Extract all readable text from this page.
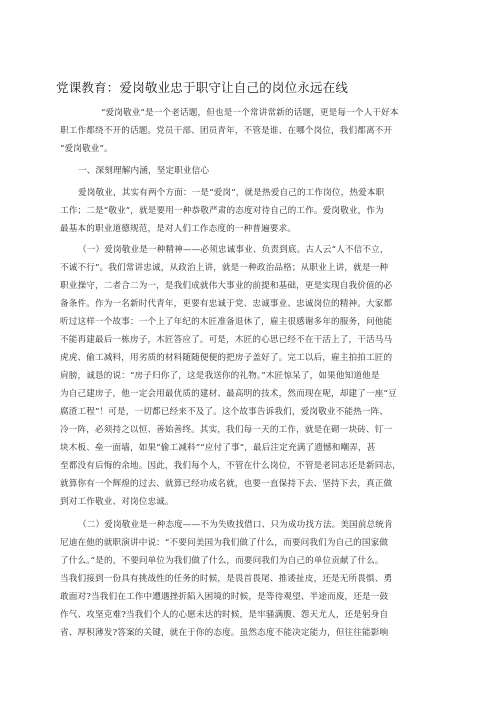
党课教育：爱岗敬业忠于职守让自己的岗位永远在线
“爱岗敬业”是一个老话题，但也是一个常讲常新的话题，更是每一个人干好本
职工作都绕不开的话题。党员干部、团员青年，不管是谁、在哪个岗位，我们都离不开
“爱岗敬业”。
一、深刻理解内涵，坚定职业信心
爱岗敬业，其实有两个方面：一是“爱岗”，就是热爱自己的工作岗位，热爱本职
工作；二是“敬业”，就是要用一种恭敬严肃的态度对待自己的工作。爱岗敬业，作为
最基本的职业道德规范，是对人们工作态度的一种普遍要求。
（一）爱岗敬业是一种精神——必须忠诚事业、负责到底。古人云“人不信不立，
不诚不行”。我们常讲忠诚，从政治上讲，就是一种政治品格；从职业上讲，就是一种
职业操守，二者合二为一，是我们成就伟大事业的前提和基础，更是实现自我价值的必
备条件。作为一名新时代青年，更要有忠诚于党、忠诚事业、忠诚岗位的精神。大家都
听过这样一个故事：一个上了年纪的木匠准备退休了，雇主很感谢多年的服务，问他能
不能再建最后一栋房子，木匠答应了。可是，木匠的心思已经不在干活上了，干活马马
虎虎、偷工减料，用劣质的材料随随便便的把房子盖好了。完工以后，雇主拍拍工匠的
肩膀，诚恳的说：“房子归你了，这是我送你的礼物。”木匠惊呆了，如果他知道他是
为自己建房子，他一定会用最优质的建材、最高明的技术，然而现在呢，却建了一座“豆
腐渣工程”！可是，一切都已经来不及了。这个故事告诉我们，爱岗敬业不能热一阵、
冷一阵，必须持之以恒、善始善终。其实，我们每一天的工作，就是在砌一块砖、钉一
块木板、垒一面墙，如果“偷工减料”“应付了事”，最后注定充满了遗憾和嘲弄，甚
至都没有后悔的余地。因此，我们每个人，不管在什么岗位，不管是老同志还是新同志，
就算你有一个辉煌的过去、就算已经功成名就，也要一直保持下去、坚持下去，真正做
到对工作敬业、对岗位忠诚。
（二）爱岗敬业是一种态度——不为失败找借口、只为成功找方法。美国前总统肯
尼迪在他的就职演讲中说：“不要问美国为我们做了什么，而要问我们为自己的国家做
了什么。”是的，不要问单位为我们做了什么，而要问我们为自己的单位贡献了什么。
当我们接到一份具有挑战性的任务的时候，是畏首畏尾、推诿扯皮，还是无所畏惧、勇
敢面对?当我们在工作中遭遇挫折陷入困境的时候，是等待观望、半途而废，还是一鼓
作气、攻坚克难?当我们个人的心愿未达的时候，是牢骚满腹、怨天尤人，还是躬身自
省、厚积薄发?答案的关键，就在于你的态度。虽然态度不能决定能力，但往往能影响
